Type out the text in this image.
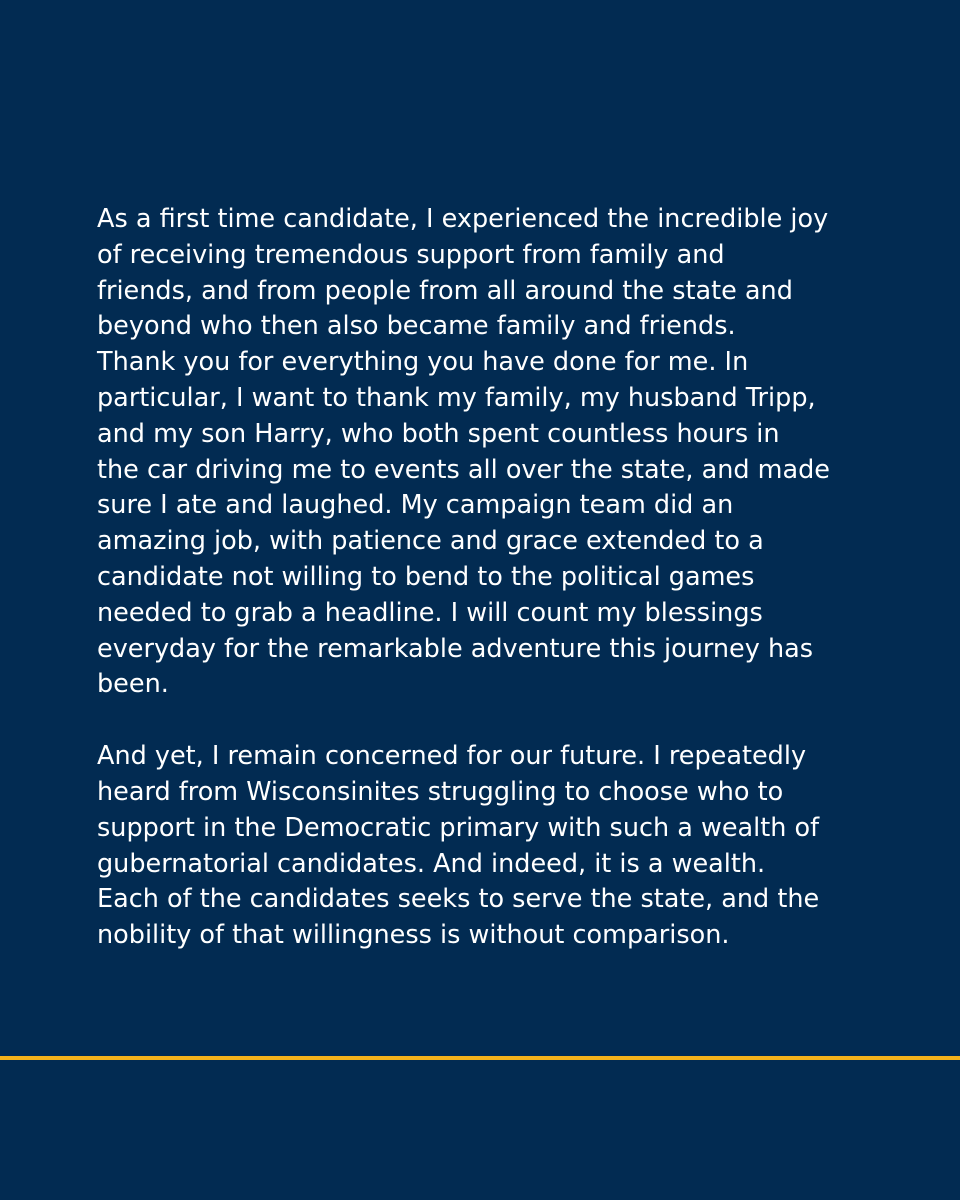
As a first time candidate, I experienced the incredible joy
of receiving tremendous support from family and
friends, and from people from all around the state and
beyond who then also became family and friends.
Thank you for everything you have done for me. In
particular, I want to thank my family, my husband Tripp,
and my son Harry, who both spent countless hours in
the car driving me to events all over the state, and made
sure I ate and laughed. My campaign team did an
amazing job, with patience and grace extended to a
candidate not willing to bend to the political games
needed to grab a headline. I will count my blessings
everyday for the remarkable adventure this journey has
been.
And yet, I remain concerned for our future. I repeatedly
heard from Wisconsinites struggling to choose who to
support in the Democratic primary with such a wealth of
gubernatorial candidates. And indeed, it is a wealth.
Each of the candidates seeks to serve the state, and the
nobility of that willingness is without comparison.
